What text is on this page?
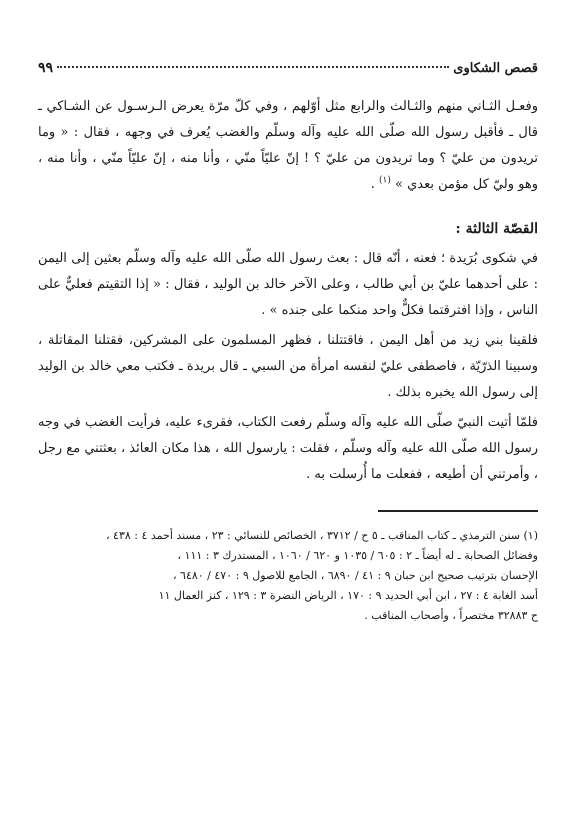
قصص الشكاوى
٩٩

وفعـل الثـاني منهم والثـالث والرابع مثل أوّلهم ، وفي كلّ مرّة يعرض الـرسـول عن الشـاكي ـ قال ـ فأقبل رسول الله صلّى الله عليه وآله وسلّم والغضب يُعرف في وجهه ، فقال : « وما تريدون من عليّ ؟ وما تريدون من عليّ ؟ ! إنّ عليّاً منّي ، وأنا منه ، إنّ عليّاً منّي ، وأنا منه ، وهو وليّ كل مؤمن بعدي » $^{(١)}$ .

القصّة الثالثة :

في شكوى بُرَيدة ؛ فعنه ، أنّه قال : بعث رسول الله صلّى الله عليه وآله وسلّم بعثين إلى اليمن : على أحدهما عليّ بن أبي طالب ، وعلى الآخر خالد بن الوليد ، فقال : « إذا التقيتم فعليٌّ على الناس ، وإذا افترقتما فكلٌّ واحد منكما على جنده » .

فلقينا بني زيد من أهل اليمن ، فاقتتلنا ، فظهر المسلمون على المشركين، فقتلنا المقاتلة ، وسبينا الذرّيّة ، فاصطفى عليّ لنفسه امرأة من السبي ـ قال بريدة ـ فكتب معي خالد بن الوليد إلى رسول الله يخبره بذلك .

فلمّا أتيت النبيّ صلّى الله عليه وآله وسلّم رفعت الكتاب، فقرىء عليه، فرأيت الغضب في وجه رسول الله صلّى الله عليه وآله وسلّم ، فقلت : يارسول الله ، هذا مكان العائذ ، بعثتني مع رجل ، وأمرتني أن أطيعه ، ففعلت ما أُرسلت به .

(١) سنن الترمذي ـ كتاب المناقب ـ ٥ ح / ٣٧١٢ ، الخصائص للنسائي : ٢٣ ، مسند أحمد ٤ : ٤٣٨ ،

وفضائل الصحابة ـ له أيضاً ـ ٢ : ٦٠٥ / ١٠٣٥ و ٦٢٠ / ١٠٦٠ ، المستدرك ٣ : ١١١ ،

الإحسان بترتيب صحيح ابن حبان ٩ : ٤١ / ٦٨٩٠ ، الجامع للاصول ٩ : ٤٧٠ / ٦٤٨٠ ،

أسد الغابة ٤ : ٢٧ ، ابن أبي الحديد ٩ : ١٧٠ ، الرياض النضرة ٣ : ١٢٩ ، كنز العمال ١١

ح ٣٢٨٨٣ مختصراً ، وأصحاب المناقب .
